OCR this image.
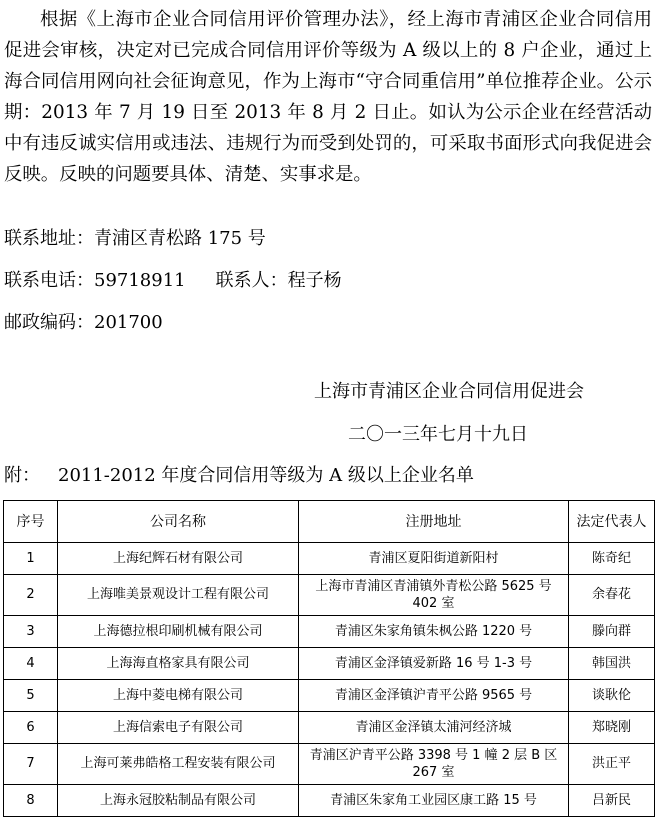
根据《上海市企业合同信用评价管理办法》，经上海市青浦区企业合同信用促进会审核，决定对已完成合同信用评价等级为 A 级以上的 8 户企业，通过上海合同信用网向社会征询意见，作为上海市“守合同重信用”单位推荐企业。公示期：2013 年 7 月 19 日至 2013 年 8 月 2 日止。如认为公示企业在经营活动中有违反诚实信用或违法、违规行为而受到处罚的，可采取书面形式向我促进会反映。反映的问题要具体、清楚、实事求是。

联系地址：青浦区青松路 175 号

联系电话：59718911 联系人：程子杨

邮政编码：201700

上海市青浦区企业合同信用促进会

二〇一三年七月十九日

附： 2011-2012 年度合同信用等级为 A 级以上企业名单

序号	公司名称	注册地址	法定代表人
1	上海纪辉石材有限公司	青浦区夏阳街道新阳村	陈奇纪
2	上海唯美景观设计工程有限公司	上海市青浦区青浦镇外青松公路 5625 号 402 室	余春花
3	上海德拉根印刷机械有限公司	青浦区朱家角镇朱枫公路 1220 号	滕向群
4	上海海直格家具有限公司	青浦区金泽镇爱新路 16 号 1-3 号	韩国洪
5	上海中菱电梯有限公司	青浦区金泽镇沪青平公路 9565 号	谈耿伦
6	上海信索电子有限公司	青浦区金泽镇太浦河经济城	郑晓刚
7	上海可莱弗皓格工程安装有限公司	青浦区沪青平公路 3398 号 1 幢 2 层 B 区 267 室	洪正平
8	上海永冠胶粘制品有限公司	青浦区朱家角工业园区康工路 15 号	吕新民
